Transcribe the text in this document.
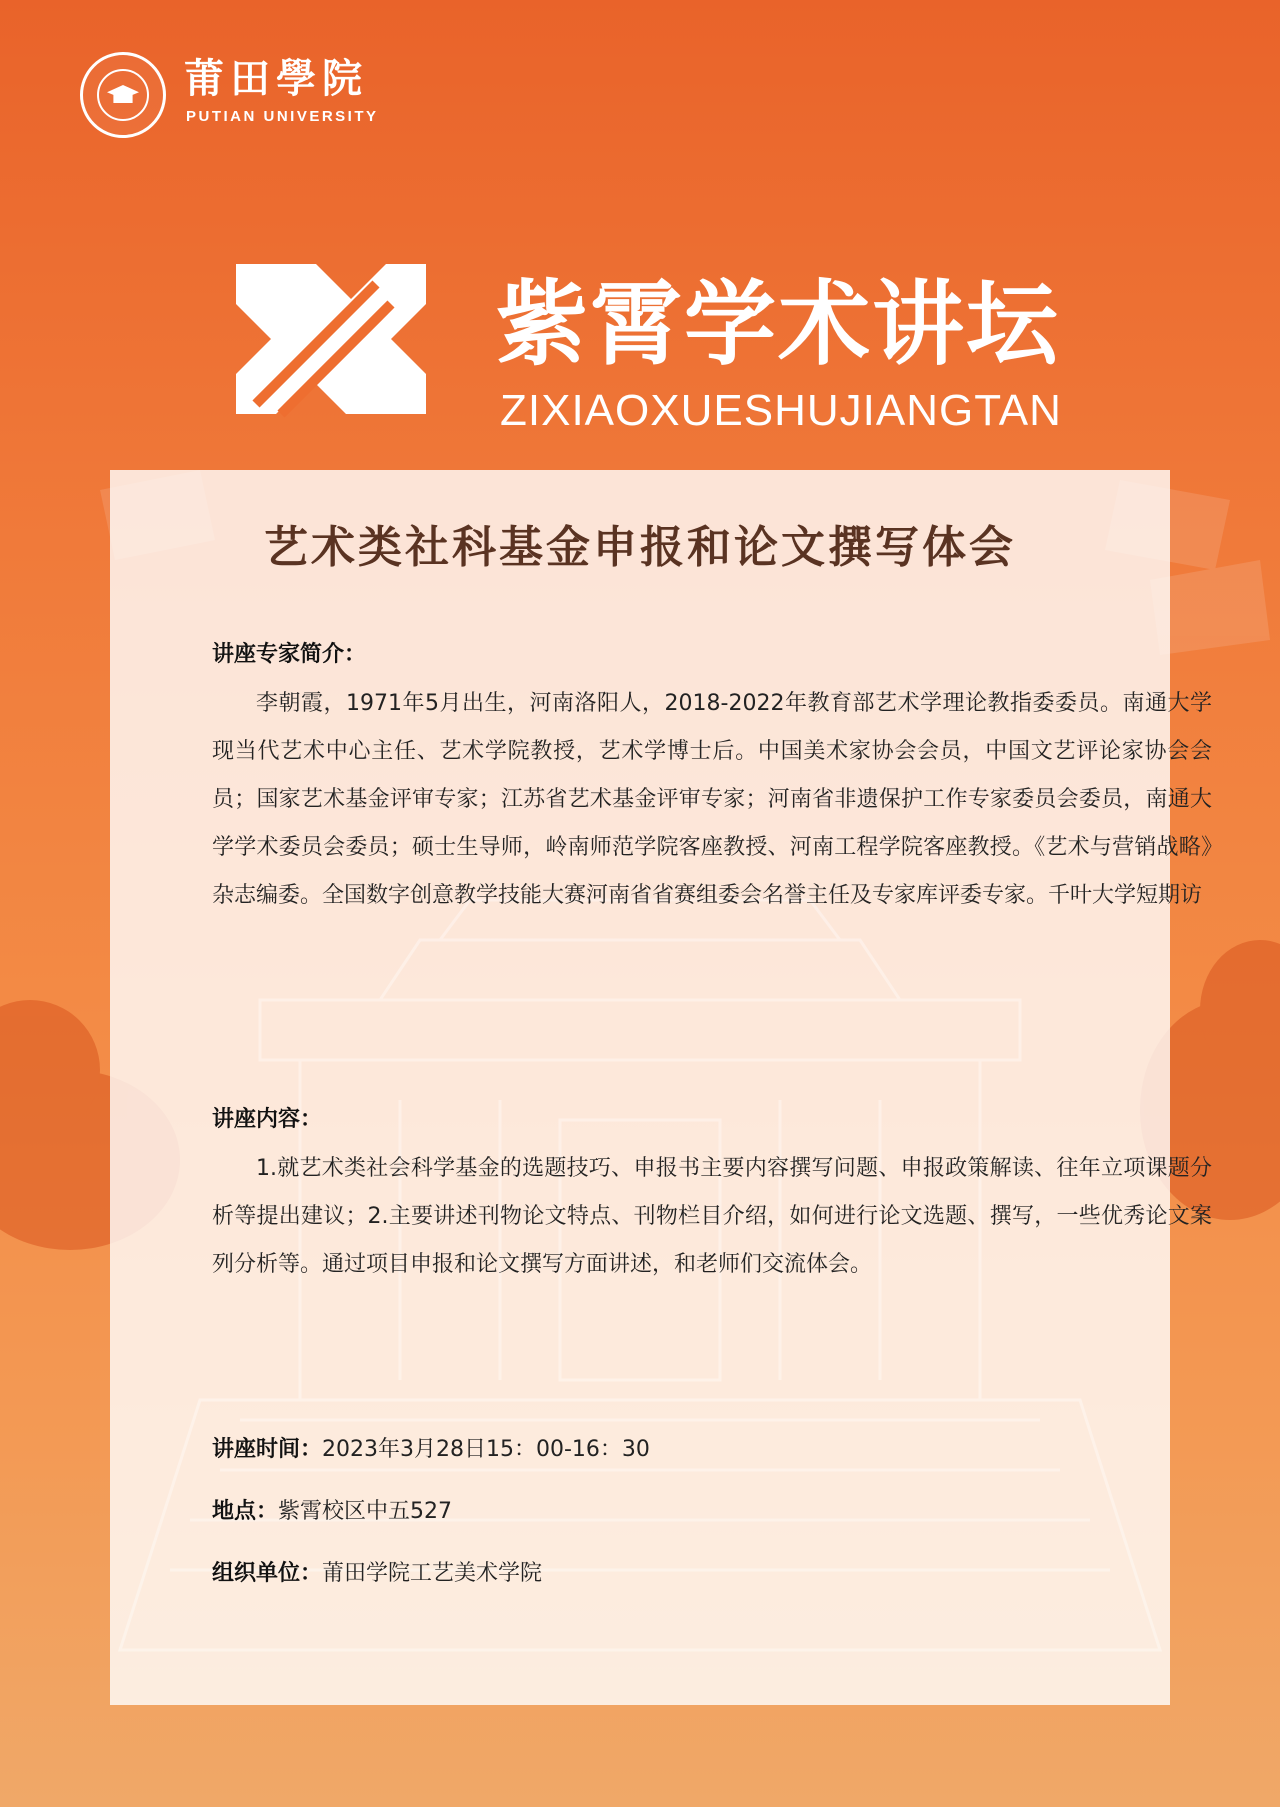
莆田學院
PUTIAN UNIVERSITY
紫霄学术讲坛
ZIXIAOXUESHUJIANGTAN
艺术类社科基金申报和论文撰写体会
讲座专家简介：
李朝霞，1971年5月出生，河南洛阳人，2018-2022年教育部艺术学理论教指委委员。南通大学现当代艺术中心主任、艺术学院教授，艺术学博士后。中国美术家协会会员，中国文艺评论家协会会员；国家艺术基金评审专家；江苏省艺术基金评审专家；河南省非遗保护工作专家委员会委员，南通大学学术委员会委员；硕士生导师，岭南师范学院客座教授、河南工程学院客座教授。《艺术与营销战略》杂志编委。全国数字创意教学技能大赛河南省省赛组委会名誉主任及专家库评委专家。千叶大学短期访
讲座内容：
1.就艺术类社会科学基金的选题技巧、申报书主要内容撰写问题、申报政策解读、往年立项课题分析等提出建议；2.主要讲述刊物论文特点、刊物栏目介绍，如何进行论文选题、撰写，一些优秀论文案列分析等。通过项目申报和论文撰写方面讲述，和老师们交流体会。
讲座时间：2023年3月28日15：00-16：30
地点：紫霄校区中五527
组织单位：莆田学院工艺美术学院
